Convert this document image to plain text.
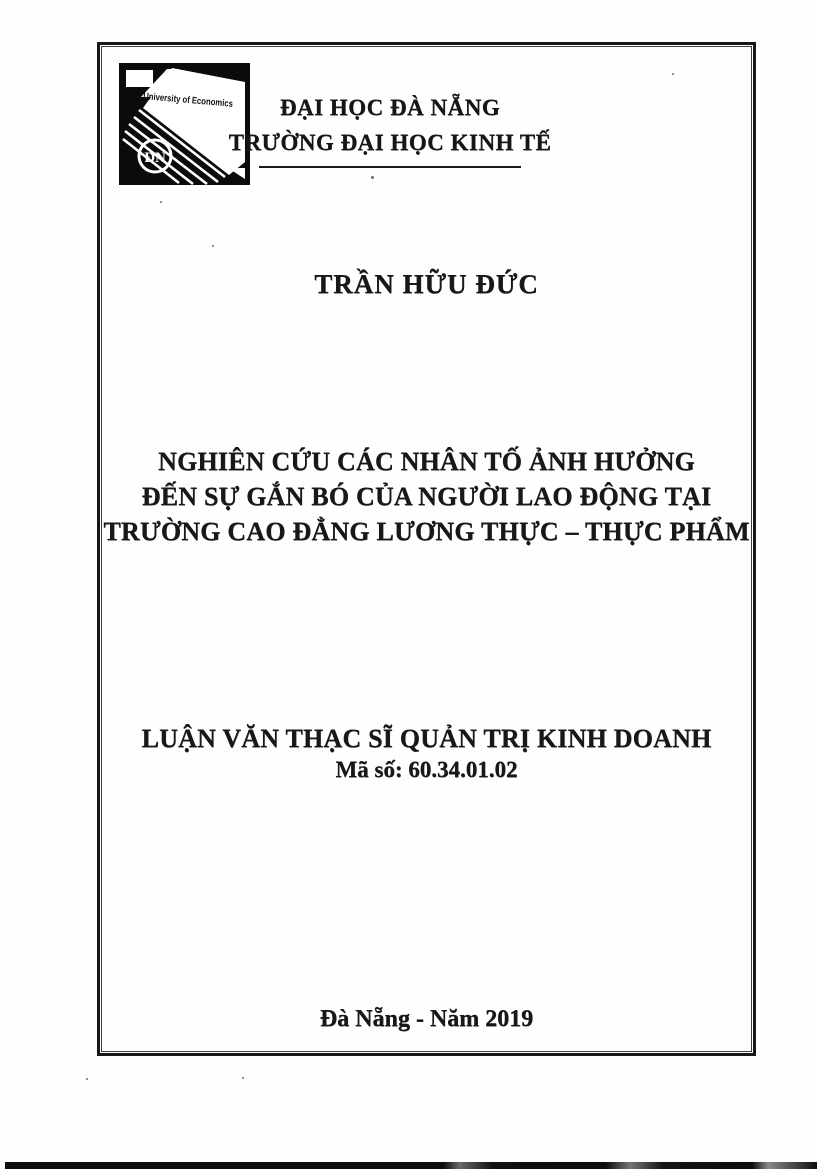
ĐN
University of Economics	ĐẠI HỌC ĐÀ NẴNG
TRƯỜNG ĐẠI HỌC KINH TẾ
TRẦN HỮU ĐỨC
NGHIÊN CỨU CÁC NHÂN TỐ ẢNH HƯỞNG
ĐẾN SỰ GẮN BÓ CỦA NGƯỜI LAO ĐỘNG TẠI
TRƯỜNG CAO ĐẲNG LƯƠNG THỰC – THỰC PHẨM
LUẬN VĂN THẠC SĨ QUẢN TRỊ KINH DOANH
Mã số: 60.34.01.02
Đà Nẵng - Năm 2019
